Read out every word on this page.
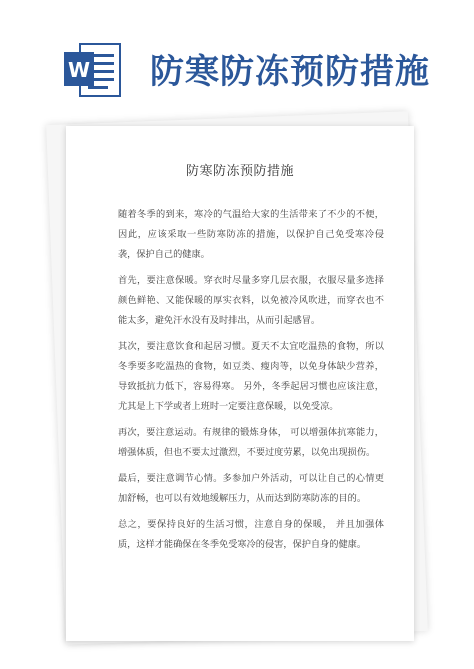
W 防寒防冻预防措施
防寒防冻预防措施

随着冬季的到来，寒冷的气温给大家的生活带来了不少的不便，因此，应该采取一些防寒防冻的措施，以保护自己免受寒冷侵袭，保护自己的健康。

首先，要注意保暖。穿衣时尽量多穿几层衣服，衣服尽量多选择颜色鲜艳、又能保暖的厚实衣料，以免被冷风吹进，而穿衣也不能太多，避免汗水没有及时排出，从而引起感冒。

其次，要注意饮食和起居习惯。夏天不太宜吃温热的食物，所以冬季要多吃温热的食物，如豆类、瘦肉等，以免身体缺少营养，导致抵抗力低下，容易得寒。 另外，冬季起居习惯也应该注意， 尤其是上下学或者上班时一定要注意保暖，以免受凉。

再次，要注意运动。有规律的锻炼身体， 可以增强体抗寒能力， 增强体质，但也不要太过激烈，不要过度劳累，以免出现损伤。

最后，要注意调节心情。多参加户外活动，可以让自己的心情更加舒畅，也可以有效地缓解压力，从而达到防寒防冻的目的。

总之，要保持良好的生活习惯，注意自身的保暖， 并且加强体质，这样才能确保在冬季免受寒冷的侵害，保护自身的健康。
